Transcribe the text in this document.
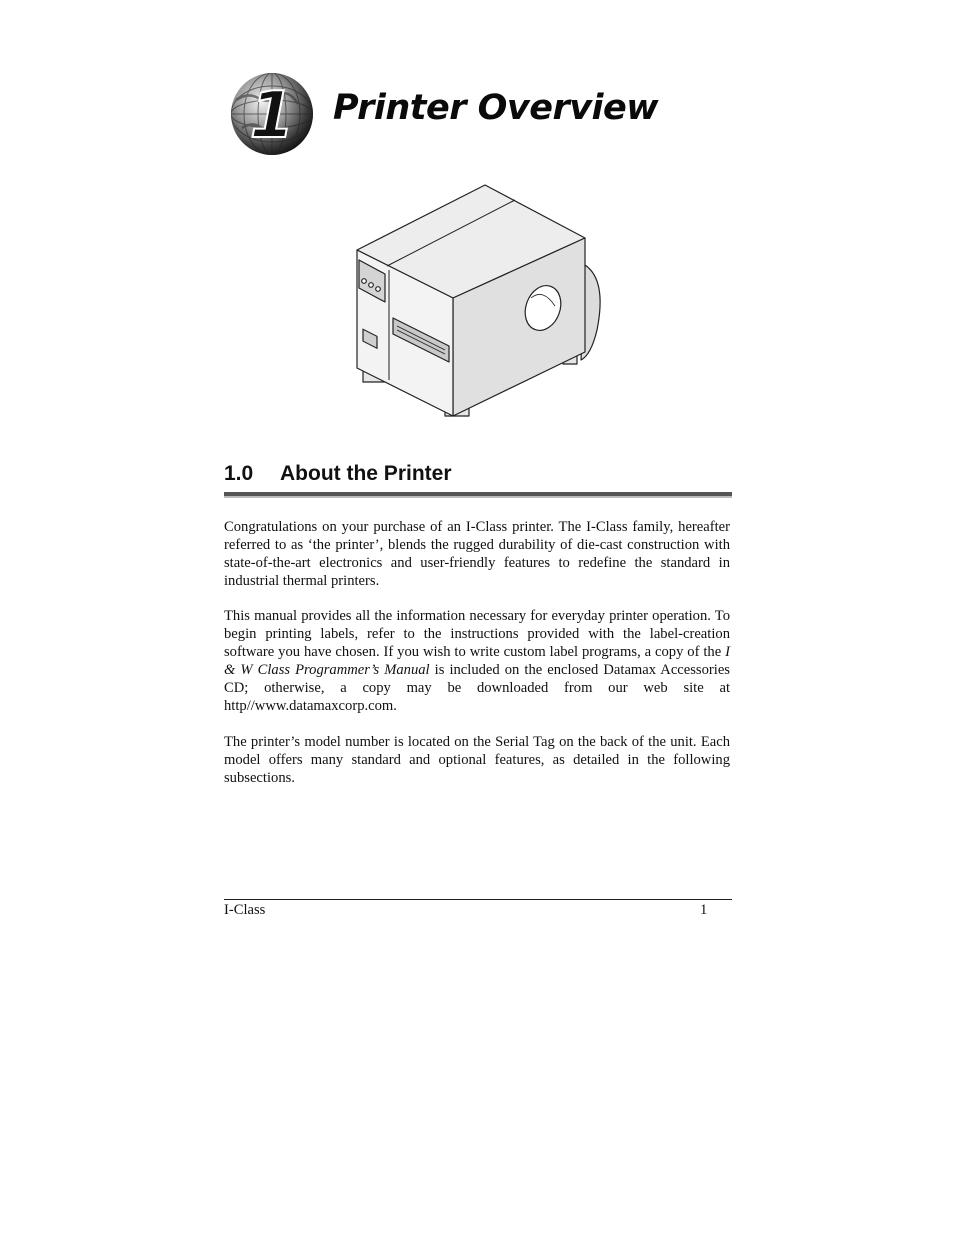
1 Printer Overview
1.0 About the Printer

Congratulations on your purchase of an I-Class printer. The I-Class family, hereafter referred to as ‘the printer’, blends the rugged durability of die-cast construction with state-of-the-art electronics and user-friendly features to redefine the standard in industrial thermal printers.

This manual provides all the information necessary for everyday printer operation. To begin printing labels, refer to the instructions provided with the label-creation software you have chosen. If you wish to write custom label programs, a copy of the I & W Class Programmer’s Manual is included on the enclosed Datamax Accessories CD; otherwise, a copy may be downloaded from our web site at http//www.datamaxcorp.com.

The printer’s model number is located on the Serial Tag on the back of the unit. Each model offers many standard and optional features, as detailed in the following subsections.

I-Class	1
